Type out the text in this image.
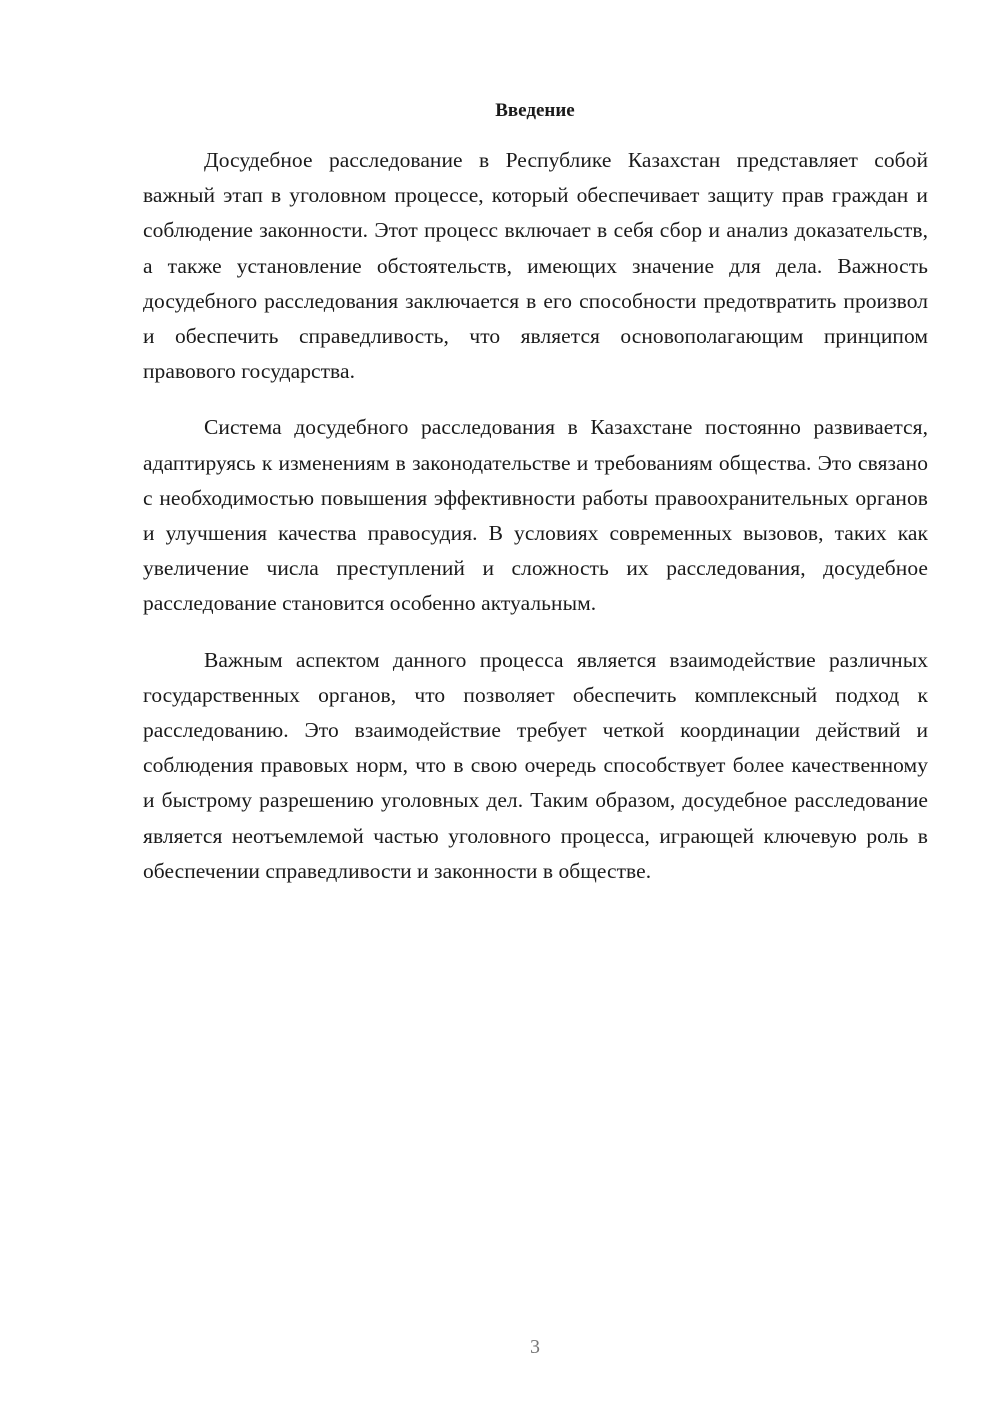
Введение

Досудебное расследование в Республике Казахстан представляет собой важный этап в уголовном процессе, который обеспечивает защиту прав граждан и соблюдение законности. Этот процесс включает в себя сбор и анализ доказательств, а также установление обстоятельств, имеющих значение для дела. Важность досудебного расследования заключается в его способности предотвратить произвол и обеспечить справедливость, что является основополагающим принципом правового государства.

Система досудебного расследования в Казахстане постоянно развивается, адаптируясь к изменениям в законодательстве и требованиям общества. Это связано с необходимостью повышения эффективности работы правоохранительных органов и улучшения качества правосудия. В условиях современных вызовов, таких как увеличение числа преступлений и сложность их расследования, досудебное расследование становится особенно актуальным.

Важным аспектом данного процесса является взаимодействие различных государственных органов, что позволяет обеспечить комплексный подход к расследованию. Это взаимодействие требует четкой координации действий и соблюдения правовых норм, что в свою очередь способствует более качественному и быстрому разрешению уголовных дел. Таким образом, досудебное расследование является неотъемлемой частью уголовного процесса, играющей ключевую роль в обеспечении справедливости и законности в обществе.

3
